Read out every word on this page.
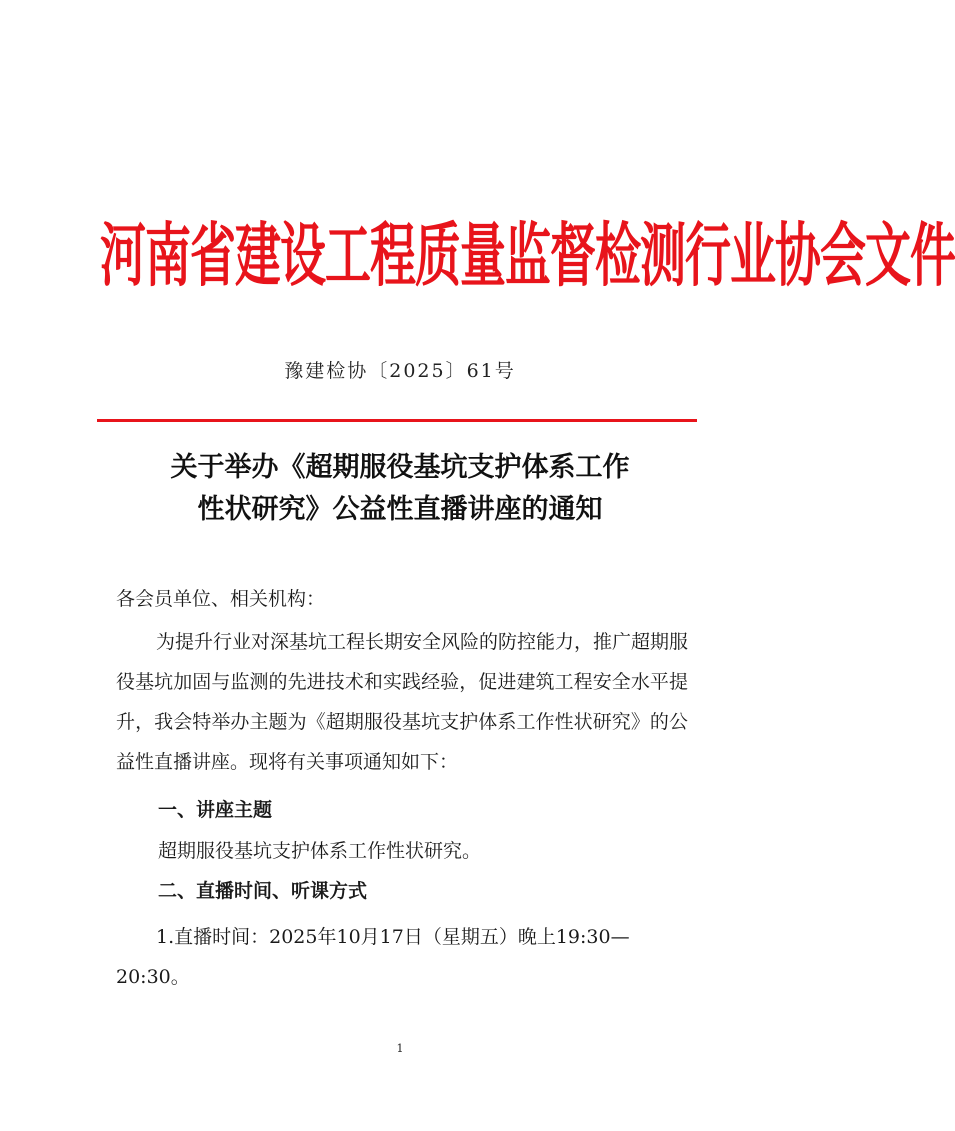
河南省建设工程质量监督检测行业协会文件
豫建检协〔2025〕61号
关于举办《超期服役基坑支护体系工作
性状研究》公益性直播讲座的通知
各会员单位、相关机构：
为提升行业对深基坑工程长期安全风险的防控能力，推广超期服役基坑加固与监测的先进技术和实践经验，促进建筑工程安全水平提升，我会特举办主题为《超期服役基坑支护体系工作性状研究》的公益性直播讲座。现将有关事项通知如下：
一、讲座主题
超期服役基坑支护体系工作性状研究。
二、直播时间、听课方式
1.直播时间：2025年10月17日（星期五）晚上19:30—20:30。
1
